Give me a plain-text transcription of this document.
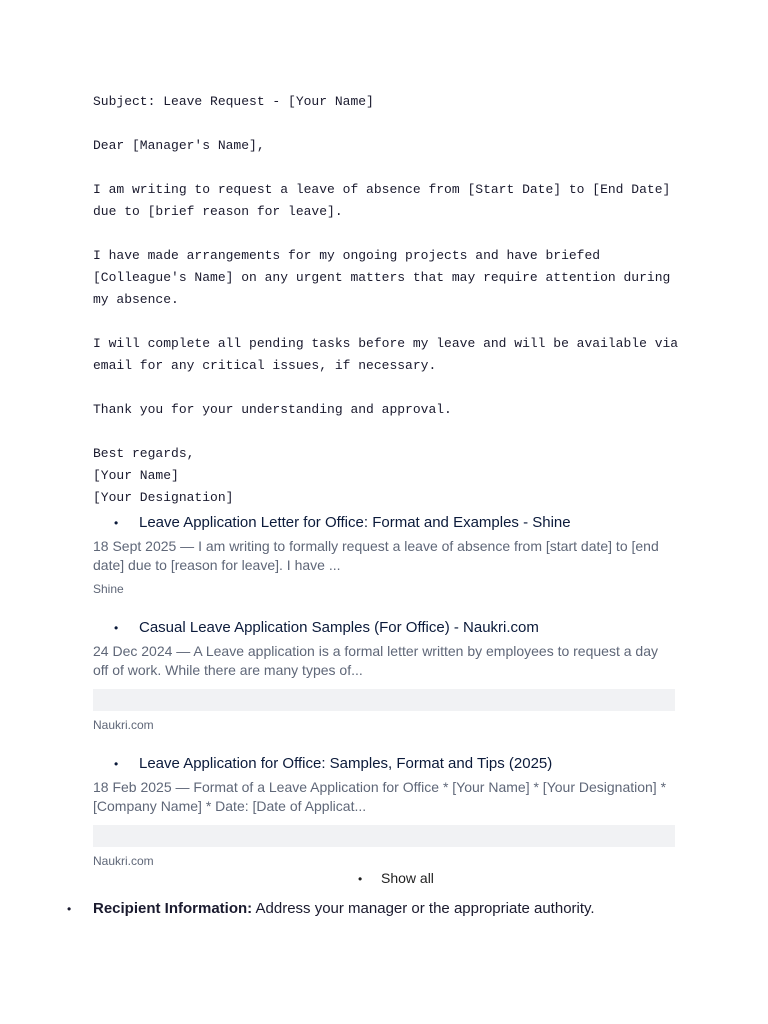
Subject: Leave Request - [Your Name]
Dear [Manager's Name],
I am writing to request a leave of absence from [Start Date] to [End Date]
due to [brief reason for leave].
I have made arrangements for my ongoing projects and have briefed
[Colleague's Name] on any urgent matters that may require attention during
my absence.
I will complete all pending tasks before my leave and will be available via
email for any critical issues, if necessary.
Thank you for your understanding and approval.
Best regards,
[Your Name]
[Your Designation]
• Leave Application Letter for Office: Format and Examples - Shine
18 Sept 2025 — I am writing to formally request a leave of absence from [start date] to [end date] due to [reason for leave]. I have ...
Shine
• Casual Leave Application Samples (For Office) - Naukri.com
24 Dec 2024 — A Leave application is a formal letter written by employees to request a day off of work. While there are many types of...
Naukri.com
• Leave Application for Office: Samples, Format and Tips (2025)
18 Feb 2025 — Format of a Leave Application for Office * [Your Name] * [Your Designation] * [Company Name] * Date: [Date of Applicat...
Naukri.com
• Show all
• Recipient Information: Address your manager or the appropriate authority.
